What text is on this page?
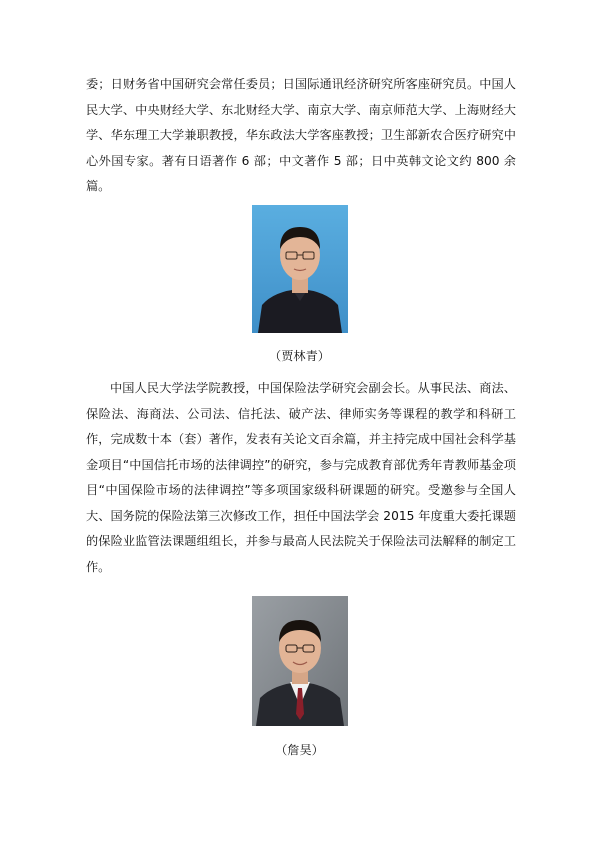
委；日财务省中国研究会常任委员；日国际通讯经济研究所客座研究员。中国人民大学、中央财经大学、东北财经大学、南京大学、南京师范大学、上海财经大学、华东理工大学兼职教授，华东政法大学客座教授；卫生部新农合医疗研究中心外国专家。著有日语著作 6 部；中文著作 5 部；日中英韩文论文约 800 余篇。

（贾林青）

中国人民大学法学院教授，中国保险法学研究会副会长。从事民法、商法、保险法、海商法、公司法、信托法、破产法、律师实务等课程的教学和科研工作，完成数十本（套）著作，发表有关论文百余篇，并主持完成中国社会科学基金项目“中国信托市场的法律调控”的研究，参与完成教育部优秀年青教师基金项目“中国保险市场的法律调控”等多项国家级科研课题的研究。受邀参与全国人大、国务院的保险法第三次修改工作，担任中国法学会 2015 年度重大委托课题的保险业监管法课题组组长，并参与最高人民法院关于保险法司法解释的制定工作。

（詹昊）
